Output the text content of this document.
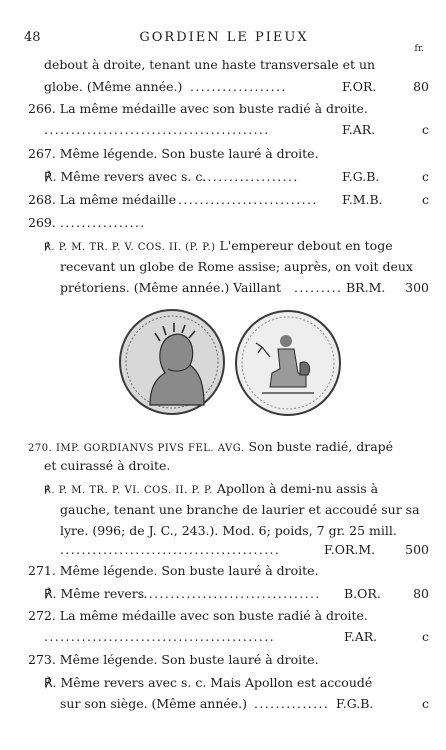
48	GORDIEN LE PIEUX
fr.
debout à droite, tenant une haste transversale et un
globe. (Même année.) ..................	F.OR.	80
266. La même médaille avec son buste radié à droite.
..........................................	F.AR.	c
267. Même légende. Son buste lauré à droite.
℟. Même revers avec s. c.
..................	F.G.B.	c
268. La même médaille .......................... F.M.B.	c
269. ................
℟. P. M. TR. P. V. COS. II. (P. P.) L'empereur debout en toge
recevant un globe de Rome assise; auprès, on voit deux
prétoriens. (Même année.) Vaillant ......... BR.M.	300
270. IMP. GORDIANVS PIVS FEL. AVG. Son buste radié, drapé
et cuirassé à droite.
℟. P. M. TR. P. VI. COS. II. P. P. Apollon à demi-nu assis à
gauche, tenant une branche de laurier et accoudé sur sa
lyre. (996; de J. C., 243.). Mod. 6; poids, 7 gr. 25 mill.
.........................................	F.OR.M.	500
271. Même légende. Son buste lauré à droite.
℟. Même revers
.................................. B.OR.	80
272. La même médaille avec son buste radié à droite.
...........................................	F.AR.	c
273. Même légende. Son buste lauré à droite.
℟. Même revers avec s. c. Mais Apollon est accoudé
sur son siège. (Même année.) .............. F.G.B.	c
